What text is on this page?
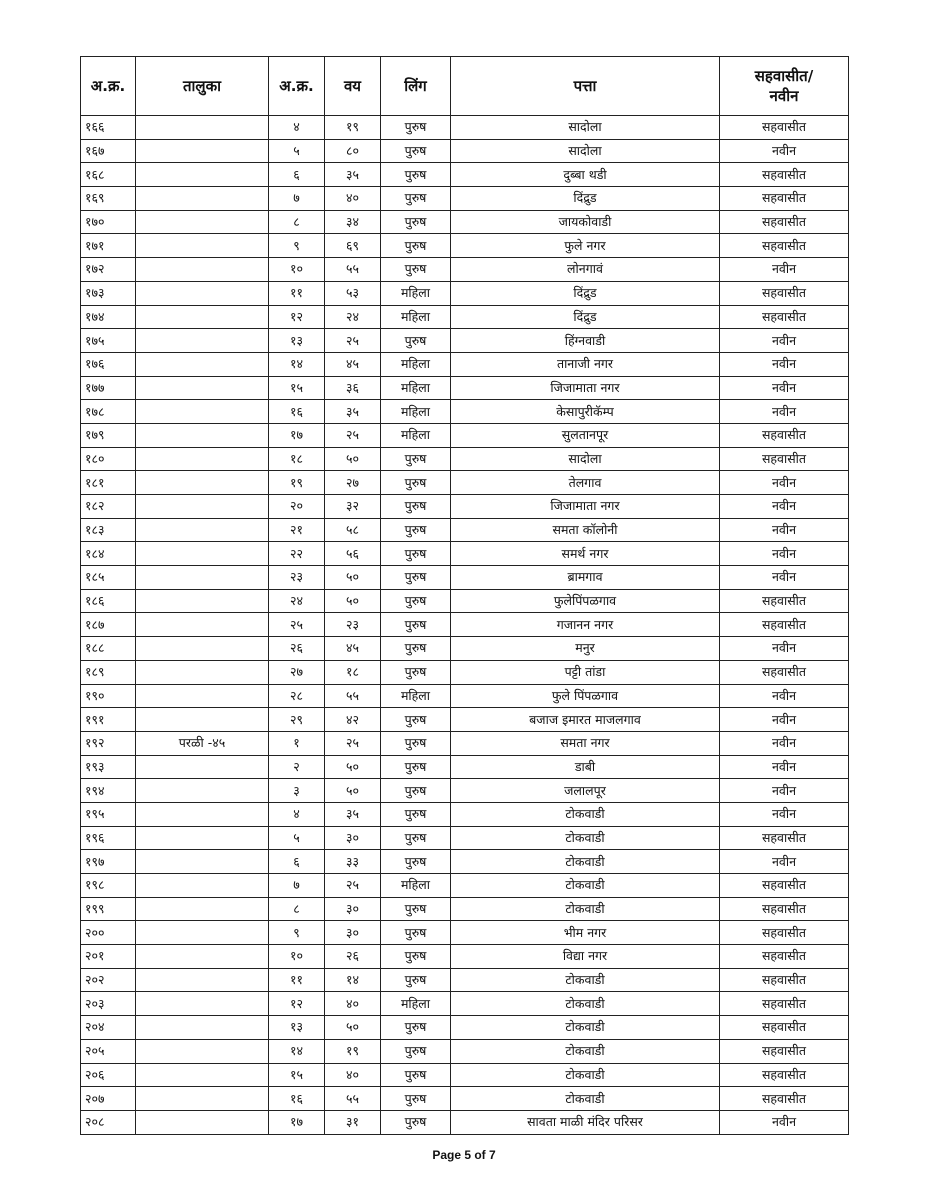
अ.क्र.	तालुका	अ.क्र.	वय	लिंग	पत्ता	सहवासीत/
नवीन

१६६		४	१९	पुरुष	सादोला	सहवासीत
१६७		५	८०	पुरुष	सादोला	नवीन
१६८		६	३५	पुरुष	दुब्बा थडी	सहवासीत
१६९		७	४०	पुरुष	दिंद्रुड	सहवासीत
१७०		८	३४	पुरुष	जायकोवाडी	सहवासीत
१७१		९	६९	पुरुष	फुले नगर	सहवासीत
१७२		१०	५५	पुरुष	लोनगावं	नवीन
१७३		११	५३	महिला	दिंद्रुड	सहवासीत
१७४		१२	२४	महिला	दिंद्रुड	सहवासीत
१७५		१३	२५	पुरुष	हिंग्नवाडी	नवीन
१७६		१४	४५	महिला	तानाजी नगर	नवीन
१७७		१५	३६	महिला	जिजामाता नगर	नवीन
१७८		१६	३५	महिला	केसापुरीकॅम्प	नवीन
१७९		१७	२५	महिला	सुलतानपूर	सहवासीत
१८०		१८	५०	पुरुष	सादोला	सहवासीत
१८१		१९	२७	पुरुष	तेलगाव	नवीन
१८२		२०	३२	पुरुष	जिजामाता नगर	नवीन
१८३		२१	५८	पुरुष	समता कॉलोनी	नवीन
१८४		२२	५६	पुरुष	समर्थ नगर	नवीन
१८५		२३	५०	पुरुष	ब्रामगाव	नवीन
१८६		२४	५०	पुरुष	फुलेपिंपळगाव	सहवासीत
१८७		२५	२३	पुरुष	गजानन नगर	सहवासीत
१८८		२६	४५	पुरुष	मनुर	नवीन
१८९		२७	१८	पुरुष	पट्टी तांडा	सहवासीत
१९०		२८	५५	महिला	फुले पिंपळगाव	नवीन
१९१		२९	४२	पुरुष	बजाज इमारत माजलगाव	नवीन
१९२	परळी -४५	१	२५	पुरुष	समता नगर	नवीन
१९३		२	५०	पुरुष	डाबी	नवीन
१९४		३	५०	पुरुष	जलालपूर	नवीन
१९५		४	३५	पुरुष	टोकवाडी	नवीन
१९६		५	३०	पुरुष	टोकवाडी	सहवासीत
१९७		६	३३	पुरुष	टोकवाडी	नवीन
१९८		७	२५	महिला	टोकवाडी	सहवासीत
१९९		८	३०	पुरुष	टोकवाडी	सहवासीत
२००		९	३०	पुरुष	भीम नगर	सहवासीत
२०१		१०	२६	पुरुष	विद्या नगर	सहवासीत
२०२		११	१४	पुरुष	टोकवाडी	सहवासीत
२०३		१२	४०	महिला	टोकवाडी	सहवासीत
२०४		१३	५०	पुरुष	टोकवाडी	सहवासीत
२०५		१४	१९	पुरुष	टोकवाडी	सहवासीत
२०६		१५	४०	पुरुष	टोकवाडी	सहवासीत
२०७		१६	५५	पुरुष	टोकवाडी	सहवासीत
२०८		१७	३१	पुरुष	सावता माळी मंदिर परिसर	नवीन
Page 5 of 7
